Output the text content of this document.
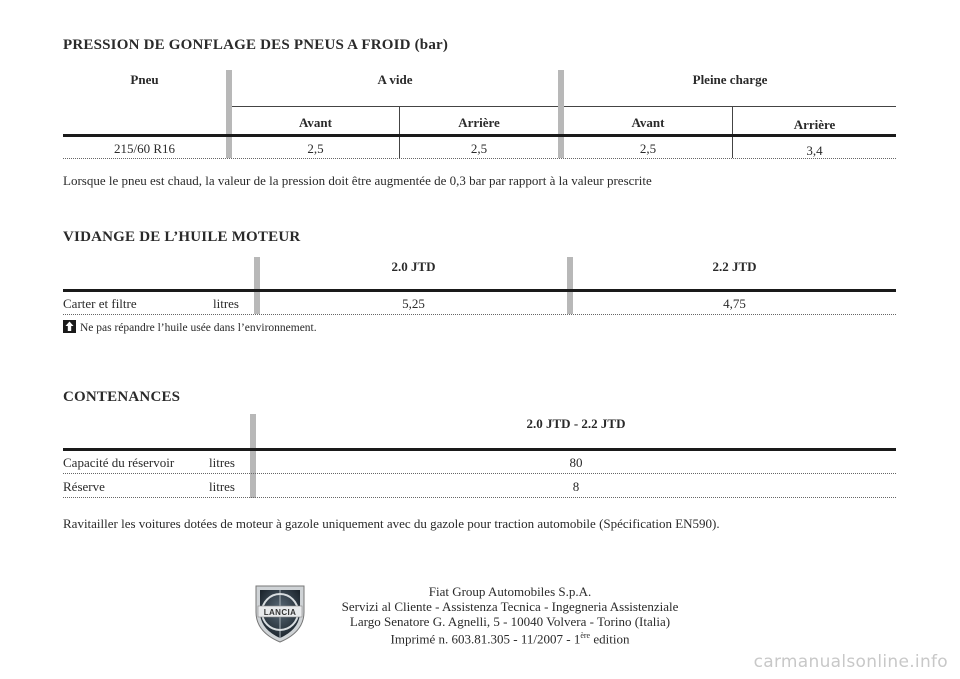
PRESSION DE GONFLAGE DES PNEUS A FROID (bar)
Pneu	A vide	Pleine charge
Avant	Arrière	Avant	Arrière
215/60 R16	2,5	2,5	2,5	3,4
Lorsque le pneu est chaud, la valeur de la pression doit être augmentée de 0,3 bar par rapport à la valeur prescrite
VIDANGE DE L’HUILE MOTEUR
2.0 JTD	2.2 JTD
Carter et filtre	litres	5,25	4,75
Ne pas répandre l’huile usée dans l’environnement.
CONTENANCES
2.0 JTD - 2.2 JTD
Capacité du réservoir	litres	80
Réserve	litres	8
Ravitailler les voitures dotées de moteur à gazole uniquement avec du gazole pour traction automobile (Spécification EN590).
LANCIA
Fiat Group Automobiles S.p.A.
Servizi al Cliente - Assistenza Tecnica - Ingegneria Assistenziale
Largo Senatore G. Agnelli, 5 - 10040 Volvera - Torino (Italia)
Imprimé n. 603.81.305 - 11/2007 - 1ère edition
carmanualsonline.info
